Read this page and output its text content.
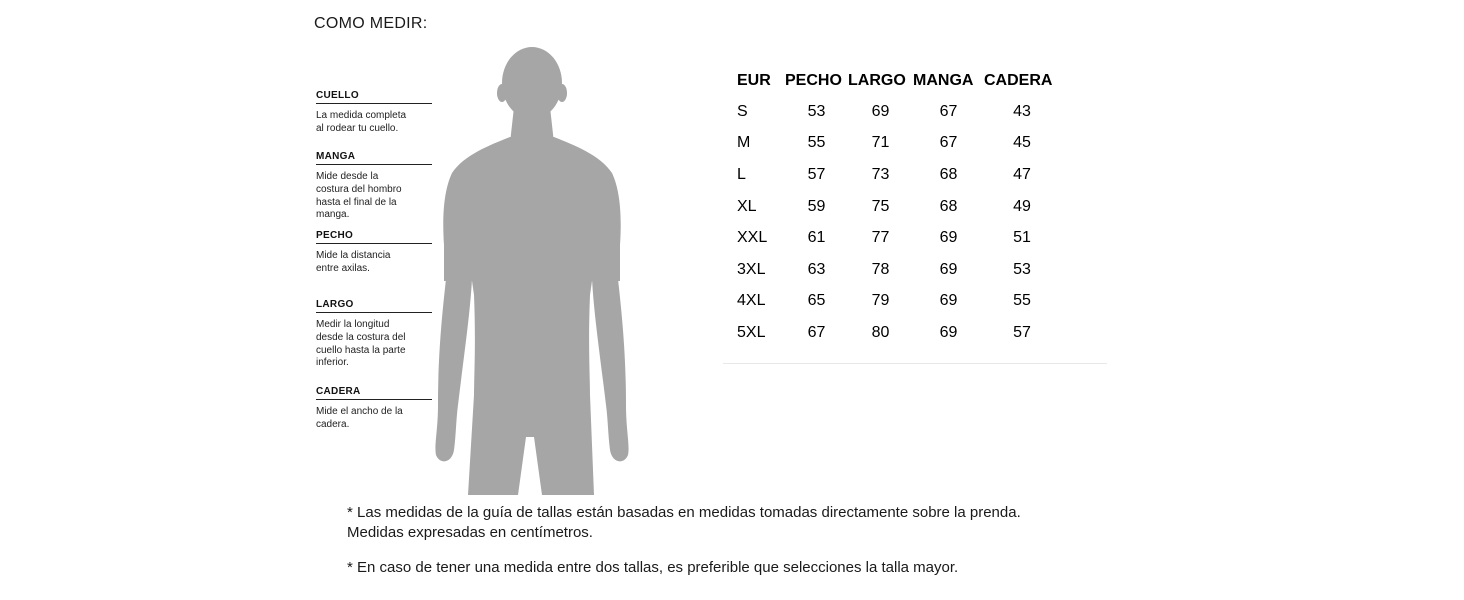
COMO MEDIR:
CUELLO
La medida completa
al rodear tu cuello.
MANGA
Mide desde la
costura del hombro
hasta el final de la
manga.
PECHO
Mide la distancia
entre axilas.
LARGO
Medir la longitud
desde la costura del
cuello hasta la parte
inferior.
CADERA
Mide el ancho de la
cadera.
EUR	PECHO	LARGO	MANGA	CADERA
S	53	69	67	43
M	55	71	67	45
L	57	73	68	47
XL	59	75	68	49
XXL	61	77	69	51
3XL	63	78	69	53
4XL	65	79	69	55
5XL	67	80	69	57
* Las medidas de la guía de tallas están basadas en medidas tomadas directamente sobre la prenda.
Medidas expresadas en centímetros.
* En caso de tener una medida entre dos tallas, es preferible que selecciones la talla mayor.
